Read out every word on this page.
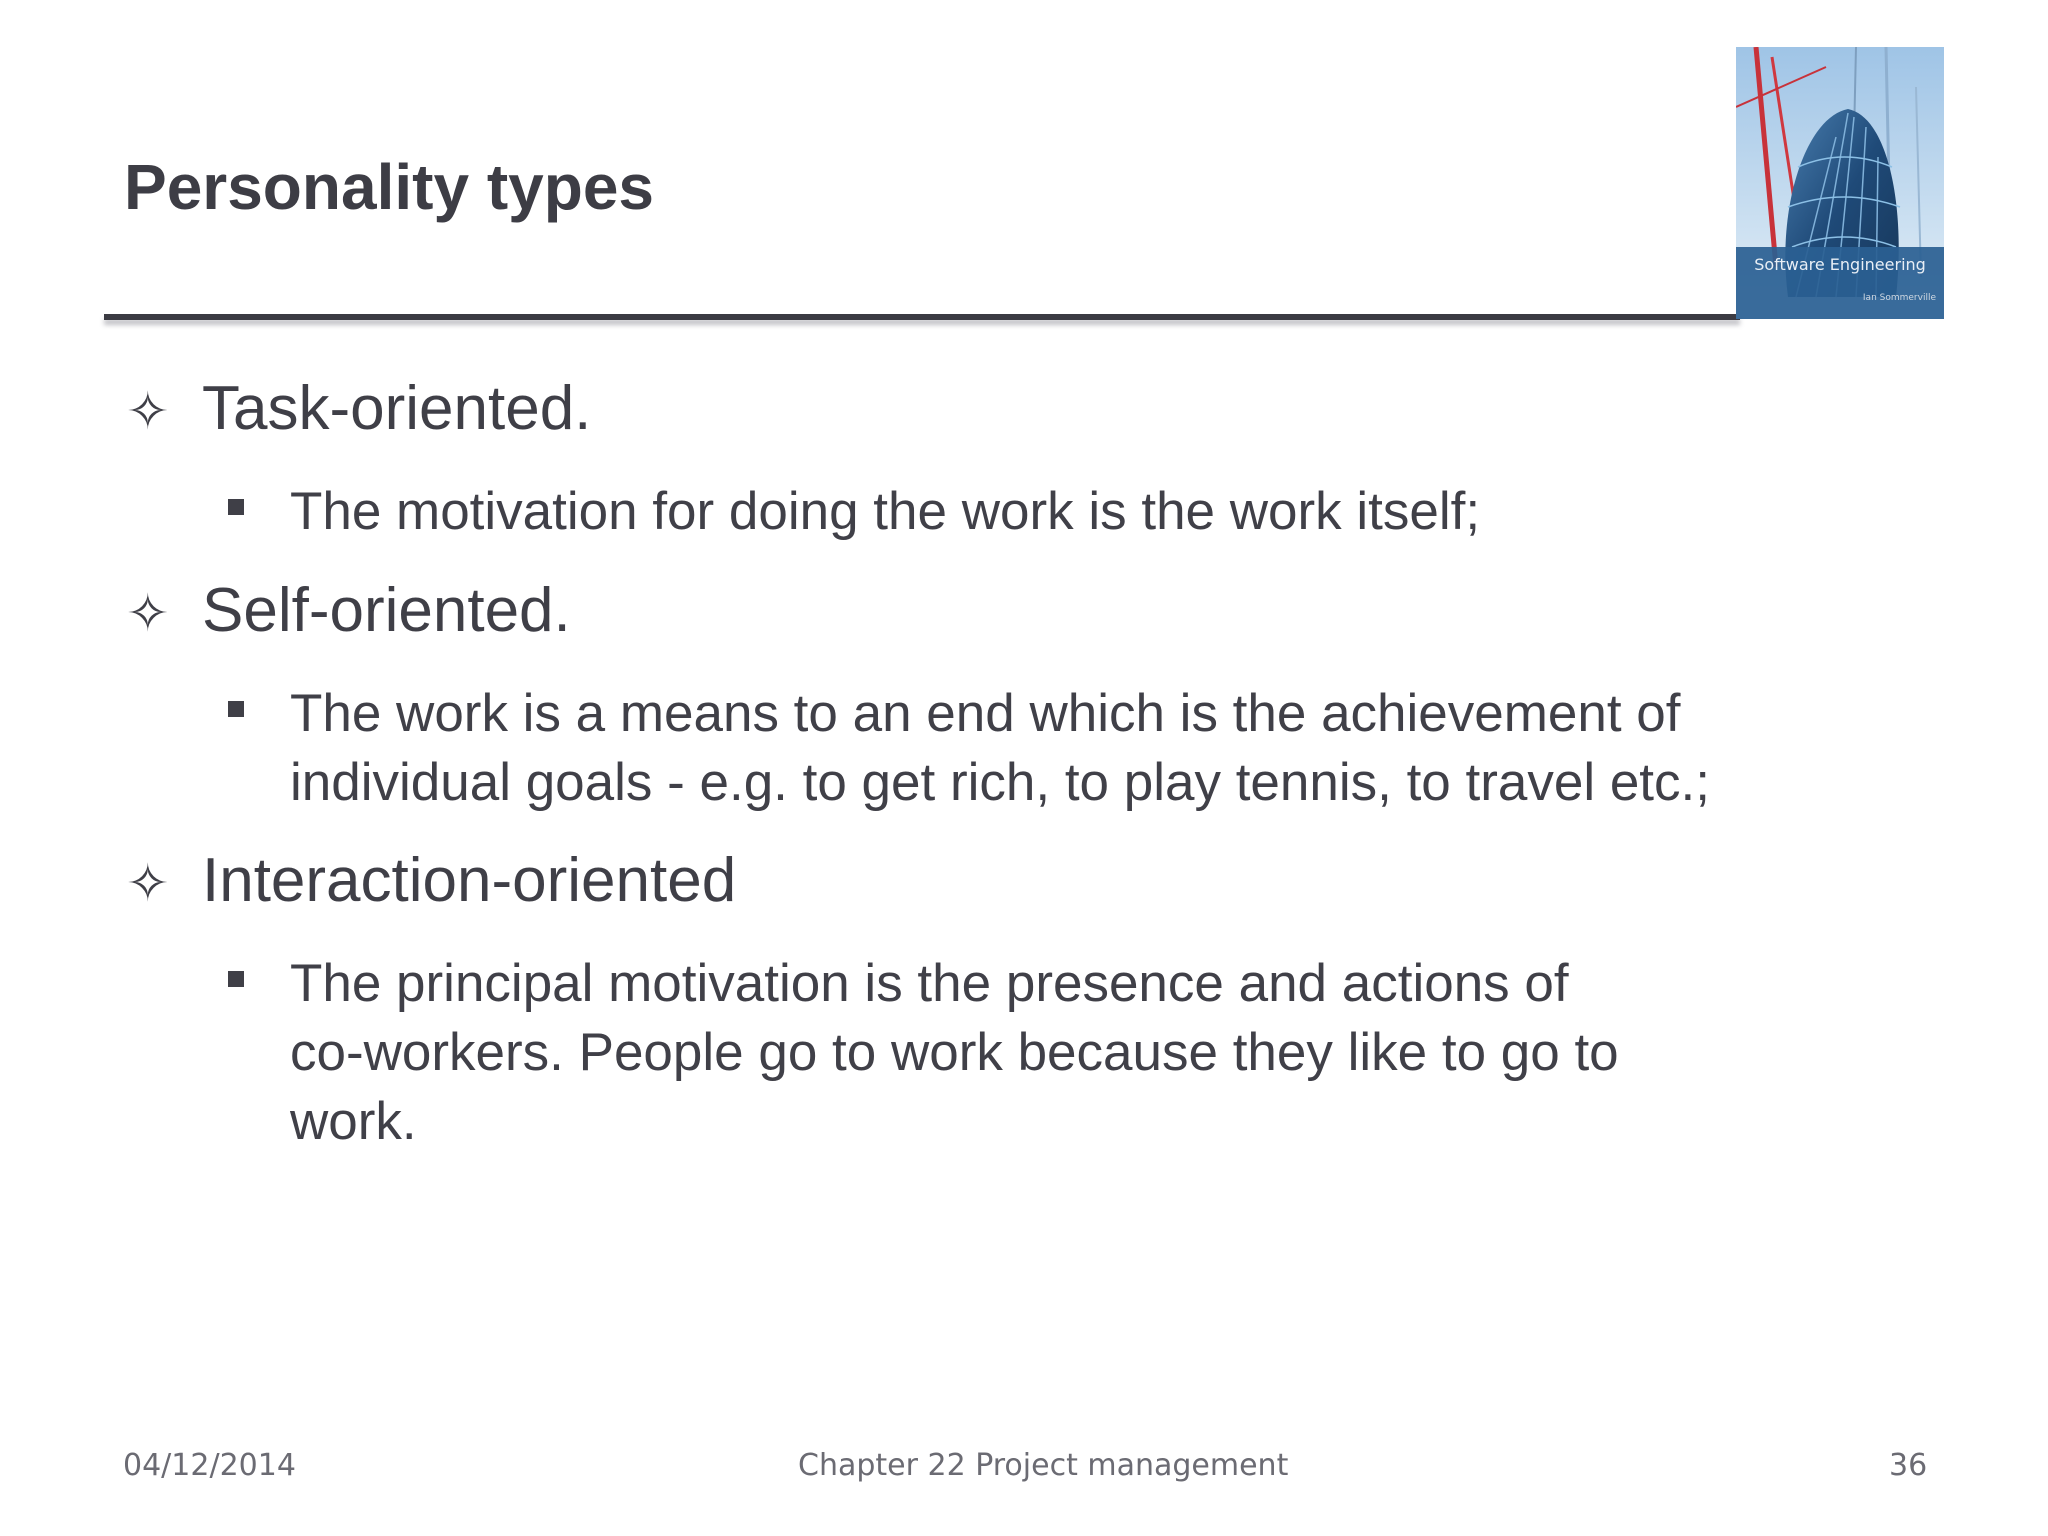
Personality types
Software Engineering
Ian Sommerville
✧ Task-oriented.
The motivation for doing the work is the work itself;
✧ Self-oriented.
The work is a means to an end which is the achievement of
individual goals - e.g. to get rich, to play tennis, to travel etc.;
✧ Interaction-oriented
The principal motivation is the presence and actions of
co-workers. People go to work because they like to go to
work.
04/12/2014	Chapter 22 Project management	36
